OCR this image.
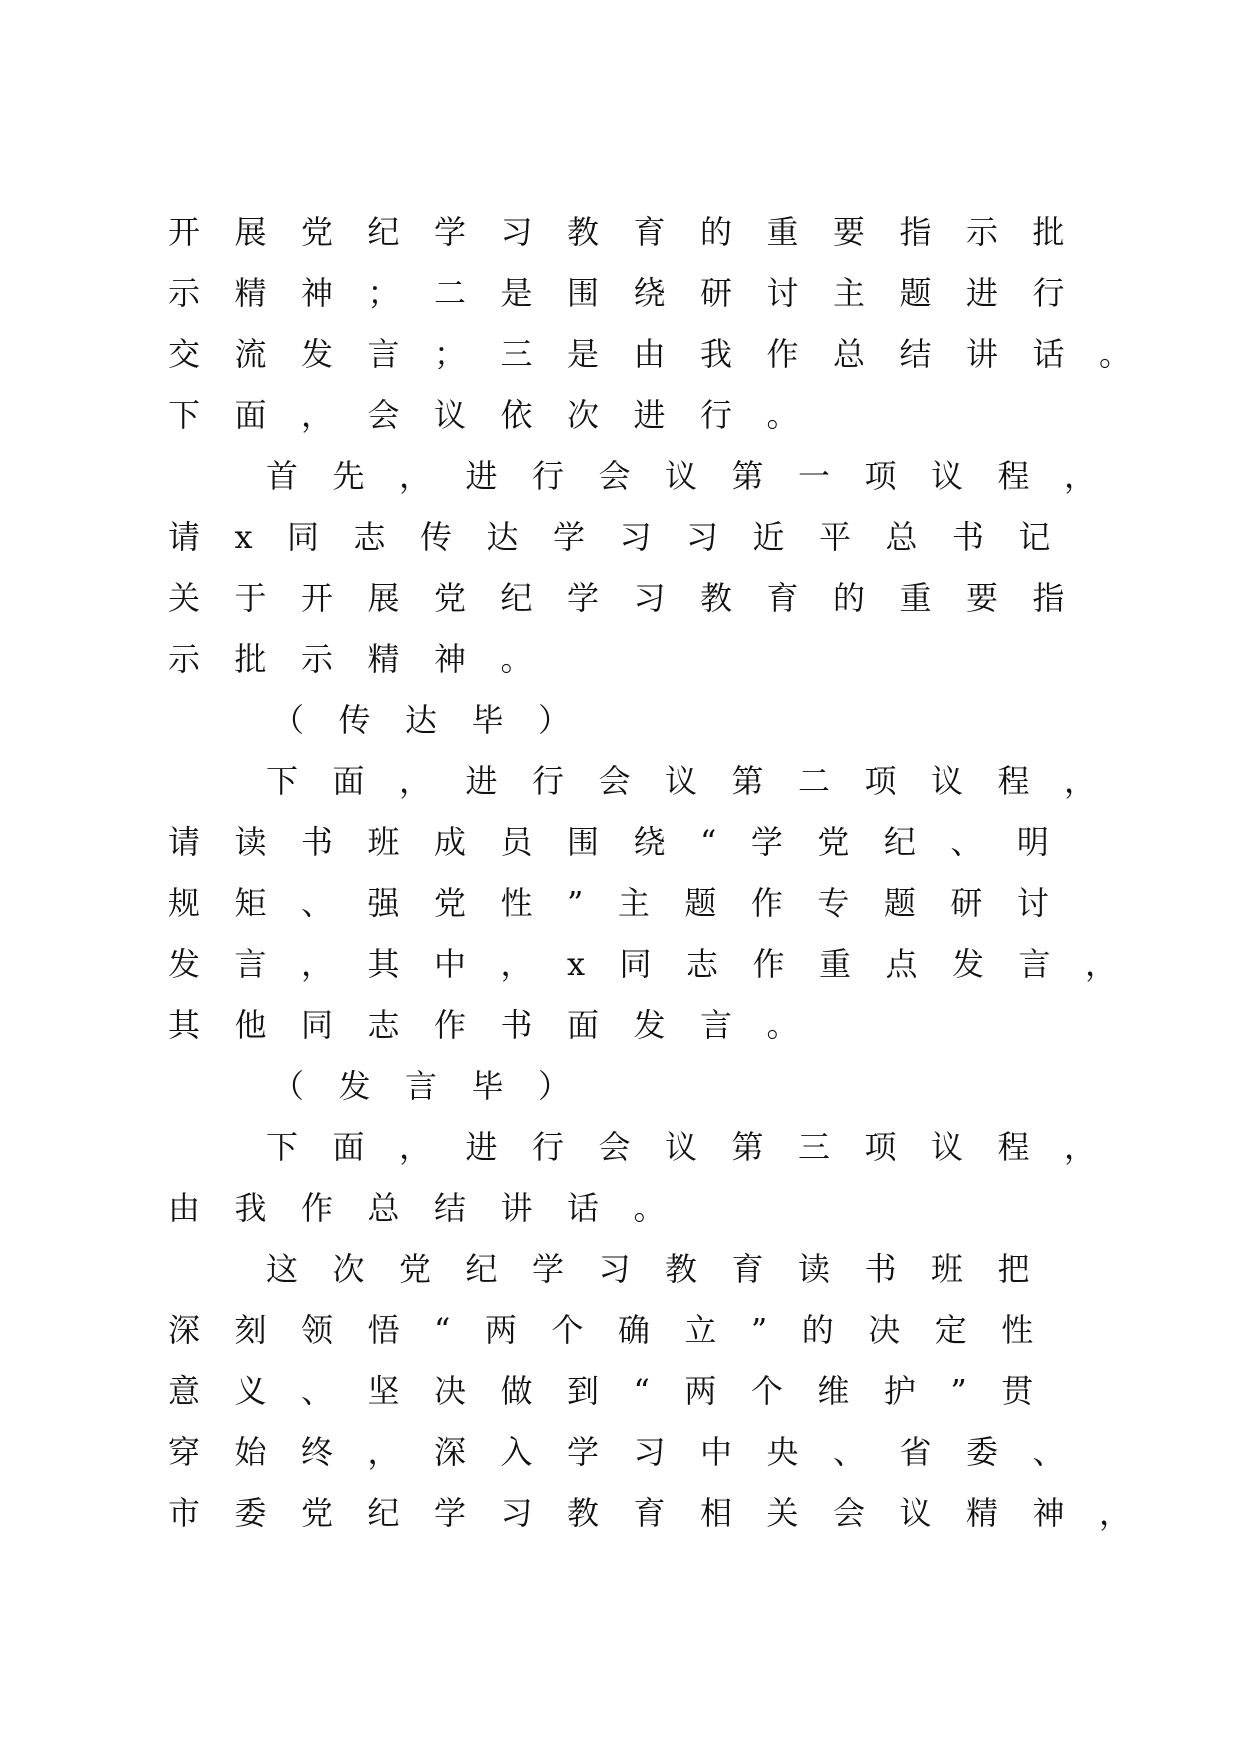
开展党纪学习教育的重要指示批
示精神；二是围绕研讨主题进行
交流发言；三是由我作总结讲话。
下面，会议依次进行。
首先，进行会议第一项议程，
请x同志传达学习习近平总书记
关于开展党纪学习教育的重要指
示批示精神。
（传达毕）
下面，进行会议第二项议程，
请读书班成员围绕“学党纪、明
规矩、强党性”主题作专题研讨
发言，其中，x同志作重点发言，
其他同志作书面发言。
（发言毕）
下面，进行会议第三项议程，
由我作总结讲话。
这次党纪学习教育读书班把
深刻领悟“两个确立”的决定性
意义、坚决做到“两个维护”贯
穿始终，深入学习中央、省委、
市委党纪学习教育相关会议精神，
